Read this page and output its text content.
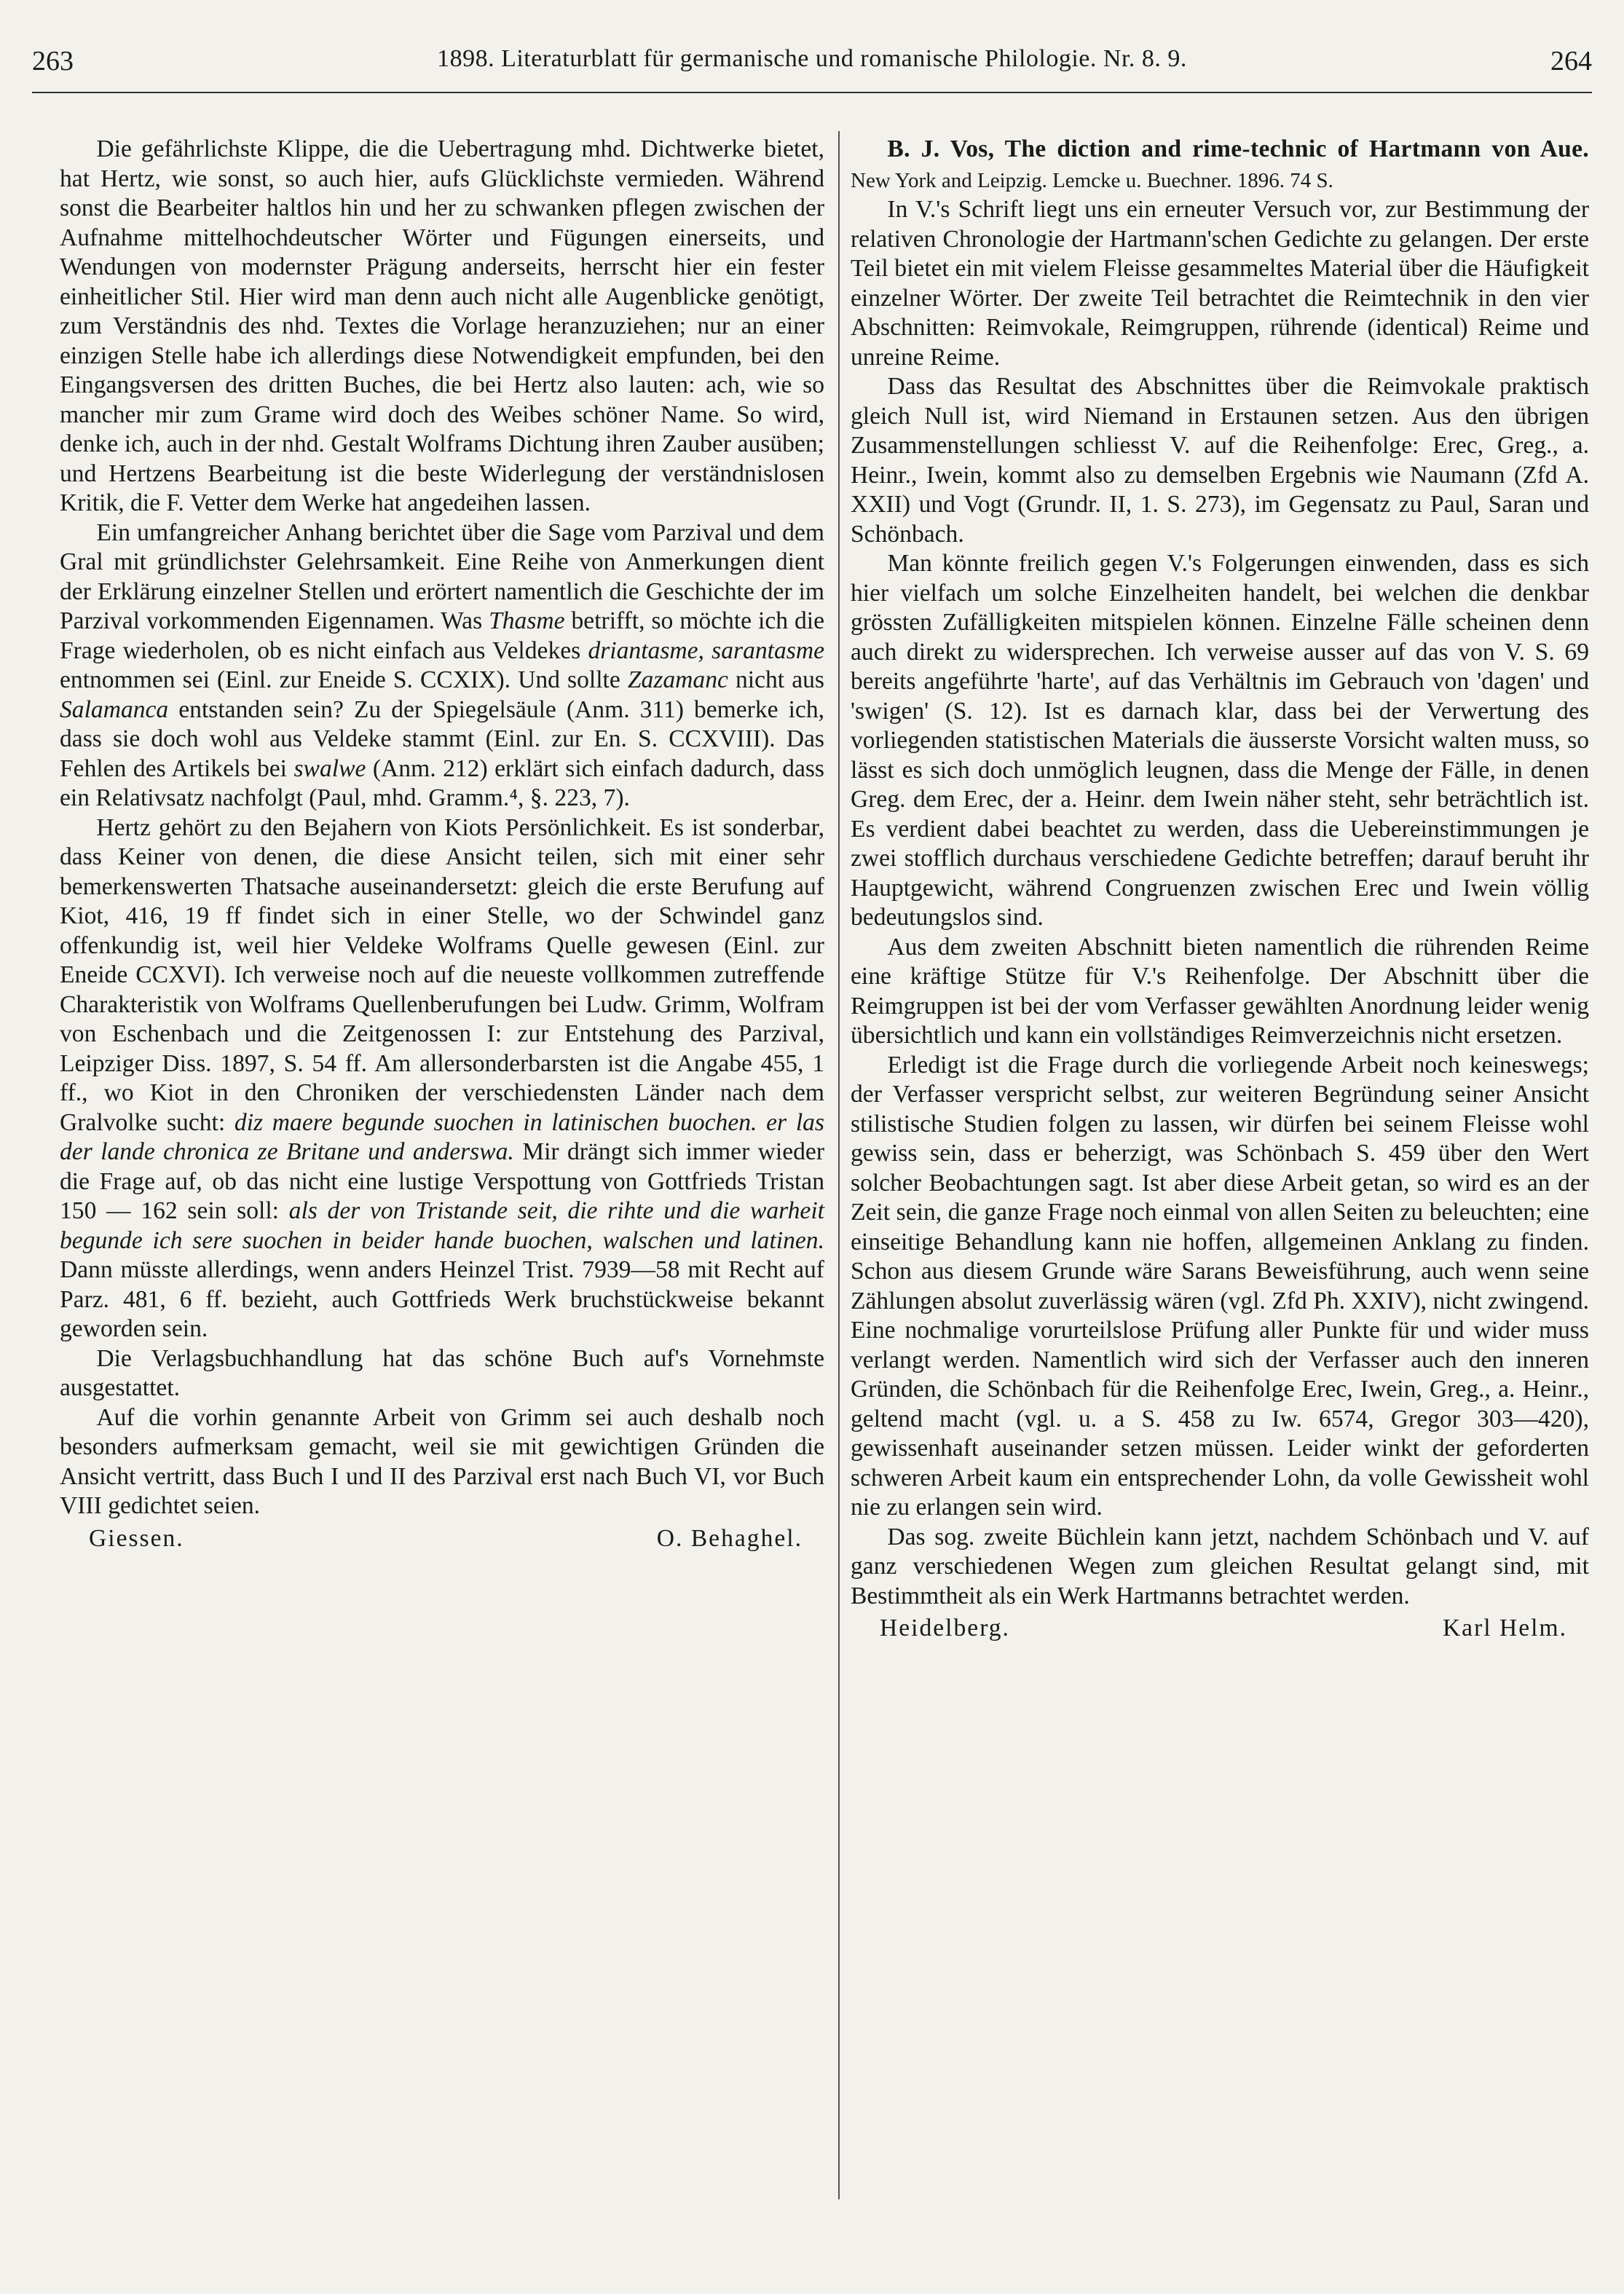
263	1898. Literaturblatt für germanische und romanische Philologie. Nr. 8. 9.	264

Die gefährlichste Klippe, die die Uebertragung mhd. Dichtwerke bietet, hat Hertz, wie sonst, so auch hier, aufs Glücklichste vermieden. Während sonst die Bearbeiter haltlos hin und her zu schwanken pflegen zwischen der Aufnahme mittelhochdeutscher Wörter und Fügungen einerseits, und Wendungen von modernster Prägung anderseits, herrscht hier ein fester einheitlicher Stil. Hier wird man denn auch nicht alle Augenblicke genötigt, zum Verständnis des nhd. Textes die Vorlage heranzuziehen; nur an einer einzigen Stelle habe ich allerdings diese Notwendigkeit empfunden, bei den Eingangsversen des dritten Buches, die bei Hertz also lauten: ach, wie so mancher mir zum Grame wird doch des Weibes schöner Name. So wird, denke ich, auch in der nhd. Gestalt Wolframs Dichtung ihren Zauber ausüben; und Hertzens Bearbeitung ist die beste Widerlegung der verständnislosen Kritik, die F. Vetter dem Werke hat angedeihen lassen.

Ein umfangreicher Anhang berichtet über die Sage vom Parzival und dem Gral mit gründlichster Gelehrsamkeit. Eine Reihe von Anmerkungen dient der Erklärung einzelner Stellen und erörtert namentlich die Geschichte der im Parzival vorkommenden Eigennamen. Was Thasme betrifft, so möchte ich die Frage wiederholen, ob es nicht einfach aus Veldekes driantasme, sarantasme entnommen sei (Einl. zur Eneide S. CCXIX). Und sollte Zazamanc nicht aus Salamanca entstanden sein? Zu der Spiegelsäule (Anm. 311) bemerke ich, dass sie doch wohl aus Veldeke stammt (Einl. zur En. S. CCXVIII). Das Fehlen des Artikels bei swalwe (Anm. 212) erklärt sich einfach dadurch, dass ein Relativsatz nachfolgt (Paul, mhd. Gramm.⁴, §. 223, 7).

Hertz gehört zu den Bejahern von Kiots Persönlichkeit. Es ist sonderbar, dass Keiner von denen, die diese Ansicht teilen, sich mit einer sehr bemerkenswerten Thatsache auseinandersetzt: gleich die erste Berufung auf Kiot, 416, 19 ff findet sich in einer Stelle, wo der Schwindel ganz offenkundig ist, weil hier Veldeke Wolframs Quelle gewesen (Einl. zur Eneide CCXVI). Ich verweise noch auf die neueste vollkommen zutreffende Charakteristik von Wolframs Quellenberufungen bei Ludw. Grimm, Wolfram von Eschenbach und die Zeitgenossen I: zur Entstehung des Parzival, Leipziger Diss. 1897, S. 54 ff. Am allersonderbarsten ist die Angabe 455, 1 ff., wo Kiot in den Chroniken der verschiedensten Länder nach dem Gralvolke sucht: diz maere begunde suochen in latinischen buochen. er las der lande chronica ze Britane und anderswa. Mir drängt sich immer wieder die Frage auf, ob das nicht eine lustige Verspottung von Gottfrieds Tristan 150 — 162 sein soll: als der von Tristande seit, die rihte und die warheit begunde ich sere suochen in beider hande buochen, walschen und latinen. Dann müsste allerdings, wenn anders Heinzel Trist. 7939—58 mit Recht auf Parz. 481, 6 ff. bezieht, auch Gottfrieds Werk bruchstückweise bekannt geworden sein.

Die Verlagsbuchhandlung hat das schöne Buch auf's Vornehmste ausgestattet.

Auf die vorhin genannte Arbeit von Grimm sei auch deshalb noch besonders aufmerksam gemacht, weil sie mit gewichtigen Gründen die Ansicht vertritt, dass Buch I und II des Parzival erst nach Buch VI, vor Buch VIII gedichtet seien.

Giessen.	O. Behaghel.

B. J. Vos, The diction and rime-technic of Hartmann von Aue. New York and Leipzig. Lemcke u. Buechner. 1896. 74 S.

In V.'s Schrift liegt uns ein erneuter Versuch vor, zur Bestimmung der relativen Chronologie der Hartmann'schen Gedichte zu gelangen. Der erste Teil bietet ein mit vielem Fleisse gesammeltes Material über die Häufigkeit einzelner Wörter. Der zweite Teil betrachtet die Reimtechnik in den vier Abschnitten: Reimvokale, Reimgruppen, rührende (identical) Reime und unreine Reime.

Dass das Resultat des Abschnittes über die Reimvokale praktisch gleich Null ist, wird Niemand in Erstaunen setzen. Aus den übrigen Zusammenstellungen schliesst V. auf die Reihenfolge: Erec, Greg., a. Heinr., Iwein, kommt also zu demselben Ergebnis wie Naumann (Zfd A. XXII) und Vogt (Grundr. II, 1. S. 273), im Gegensatz zu Paul, Saran und Schönbach.

Man könnte freilich gegen V.'s Folgerungen einwenden, dass es sich hier vielfach um solche Einzelheiten handelt, bei welchen die denkbar grössten Zufälligkeiten mitspielen können. Einzelne Fälle scheinen denn auch direkt zu widersprechen. Ich verweise ausser auf das von V. S. 69 bereits angeführte 'harte', auf das Verhältnis im Gebrauch von 'dagen' und 'swigen' (S. 12). Ist es darnach klar, dass bei der Verwertung des vorliegenden statistischen Materials die äusserste Vorsicht walten muss, so lässt es sich doch unmöglich leugnen, dass die Menge der Fälle, in denen Greg. dem Erec, der a. Heinr. dem Iwein näher steht, sehr beträchtlich ist. Es verdient dabei beachtet zu werden, dass die Uebereinstimmungen je zwei stofflich durchaus verschiedene Gedichte betreffen; darauf beruht ihr Hauptgewicht, während Congruenzen zwischen Erec und Iwein völlig bedeutungslos sind.

Aus dem zweiten Abschnitt bieten namentlich die rührenden Reime eine kräftige Stütze für V.'s Reihenfolge. Der Abschnitt über die Reimgruppen ist bei der vom Verfasser gewählten Anordnung leider wenig übersichtlich und kann ein vollständiges Reimverzeichnis nicht ersetzen.

Erledigt ist die Frage durch die vorliegende Arbeit noch keineswegs; der Verfasser verspricht selbst, zur weiteren Begründung seiner Ansicht stilistische Studien folgen zu lassen, wir dürfen bei seinem Fleisse wohl gewiss sein, dass er beherzigt, was Schönbach S. 459 über den Wert solcher Beobachtungen sagt. Ist aber diese Arbeit getan, so wird es an der Zeit sein, die ganze Frage noch einmal von allen Seiten zu beleuchten; eine einseitige Behandlung kann nie hoffen, allgemeinen Anklang zu finden. Schon aus diesem Grunde wäre Sarans Beweisführung, auch wenn seine Zählungen absolut zuverlässig wären (vgl. Zfd Ph. XXIV), nicht zwingend. Eine nochmalige vorurteilslose Prüfung aller Punkte für und wider muss verlangt werden. Namentlich wird sich der Verfasser auch den inneren Gründen, die Schönbach für die Reihenfolge Erec, Iwein, Greg., a. Heinr., geltend macht (vgl. u. a S. 458 zu Iw. 6574, Gregor 303—420), gewissenhaft auseinander setzen müssen. Leider winkt der geforderten schweren Arbeit kaum ein entsprechender Lohn, da volle Gewissheit wohl nie zu erlangen sein wird.

Das sog. zweite Büchlein kann jetzt, nachdem Schönbach und V. auf ganz verschiedenen Wegen zum gleichen Resultat gelangt sind, mit Bestimmtheit als ein Werk Hartmanns betrachtet werden.

Heidelberg.	Karl Helm.
